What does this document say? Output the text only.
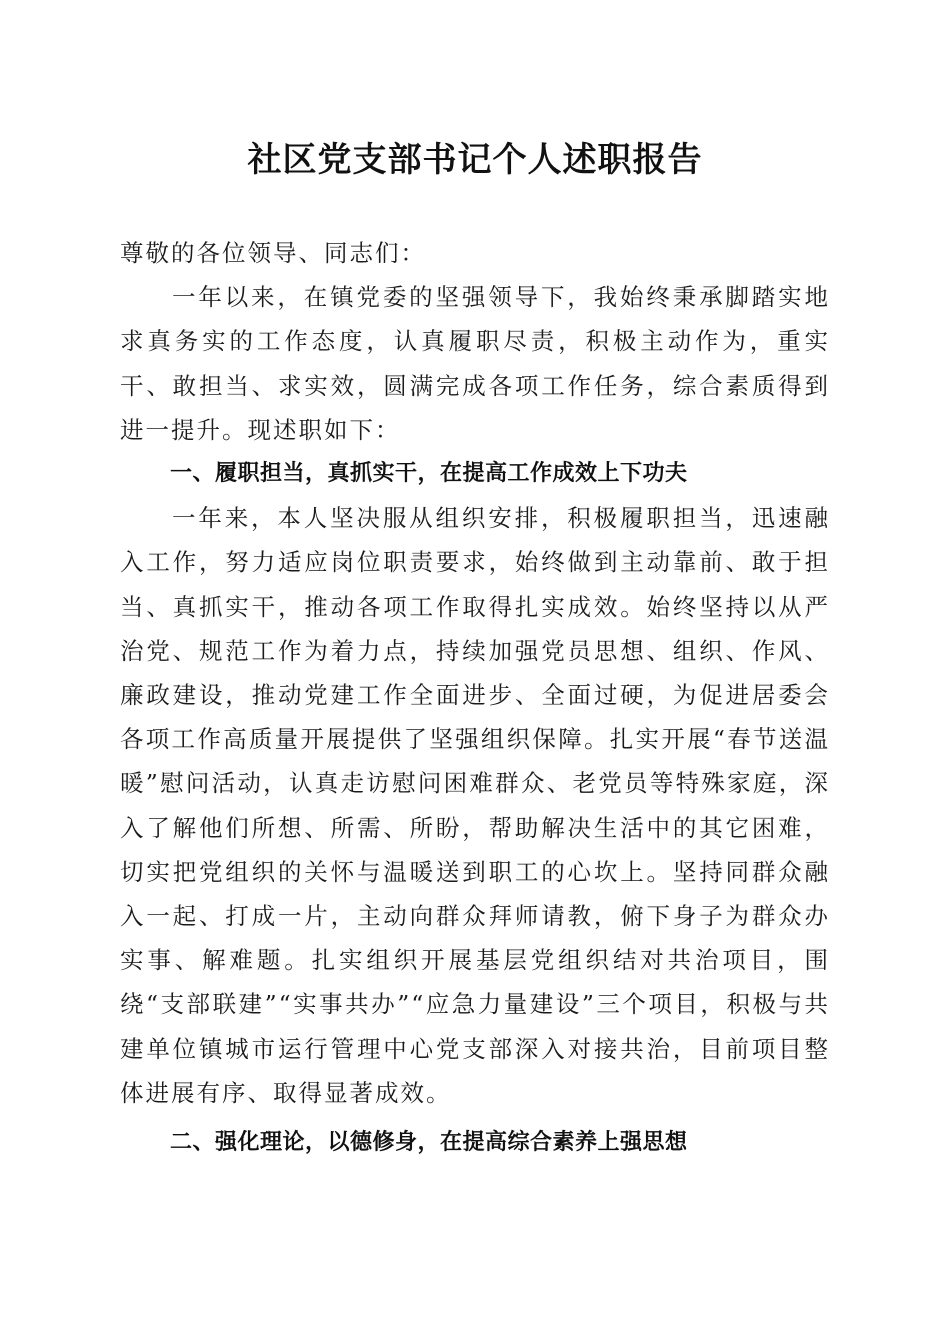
社区党支部书记个人述职报告

尊敬的各位领导、同志们：

一年以来，在镇党委的坚强领导下，我始终秉承脚踏实地求真务实的工作态度，认真履职尽责，积极主动作为，重实干、敢担当、求实效，圆满完成各项工作任务，综合素质得到进一提升。现述职如下：

一、履职担当，真抓实干，在提高工作成效上下功夫

一年来，本人坚决服从组织安排，积极履职担当，迅速融入工作，努力适应岗位职责要求，始终做到主动靠前、敢于担当、真抓实干，推动各项工作取得扎实成效。始终坚持以从严治党、规范工作为着力点，持续加强党员思想、组织、作风、廉政建设，推动党建工作全面进步、全面过硬，为促进居委会各项工作高质量开展提供了坚强组织保障。扎实开展“春节送温暖”慰问活动，认真走访慰问困难群众、老党员等特殊家庭，深入了解他们所想、所需、所盼，帮助解决生活中的其它困难，切实把党组织的关怀与温暖送到职工的心坎上。坚持同群众融入一起、打成一片，主动向群众拜师请教，俯下身子为群众办实事、解难题。扎实组织开展基层党组织结对共治项目，围绕“支部联建”“实事共办”“应急力量建设”三个项目，积极与共建单位镇城市运行管理中心党支部深入对接共治，目前项目整体进展有序、取得显著成效。

二、强化理论，以德修身，在提高综合素养上强思想
